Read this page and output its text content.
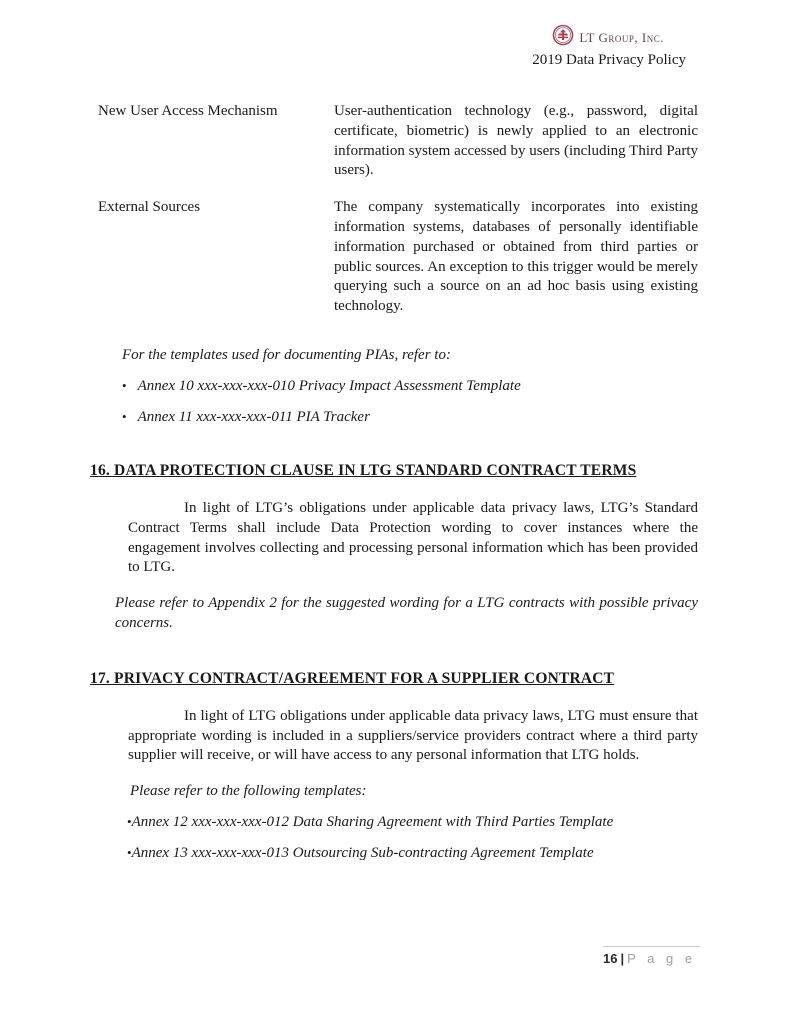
LT Group, Inc.
2019 Data Privacy Policy
New User Access Mechanism	User-authentication technology (e.g., password, digital certificate, biometric) is newly applied to an electronic information system accessed by users (including Third Party users).
External Sources	The company systematically incorporates into existing information systems, databases of personally identifiable information purchased or obtained from third parties or public sources. An exception to this trigger would be merely querying such a source on an ad hoc basis using existing technology.
For the templates used for documenting PIAs, refer to:
• Annex 10 xxx-xxx-xxx-010 Privacy Impact Assessment Template
• Annex 11 xxx-xxx-xxx-011 PIA Tracker
16. DATA PROTECTION CLAUSE IN LTG STANDARD CONTRACT TERMS

In light of LTG’s obligations under applicable data privacy laws, LTG’s Standard Contract Terms shall include Data Protection wording to cover instances where the engagement involves collecting and processing personal information which has been provided to LTG.

Please refer to Appendix 2 for the suggested wording for a LTG contracts with possible privacy concerns.

17. PRIVACY CONTRACT/AGREEMENT FOR A SUPPLIER CONTRACT

In light of LTG obligations under applicable data privacy laws, LTG must ensure that appropriate wording is included in a suppliers/service providers contract where a third party supplier will receive, or will have access to any personal information that LTG holds.

Please refer to the following templates:

•Annex 12 xxx-xxx-xxx-012 Data Sharing Agreement with Third Parties Template
•Annex 13 xxx-xxx-xxx-013 Outsourcing Sub-contracting Agreement Template
16 | P a g e
